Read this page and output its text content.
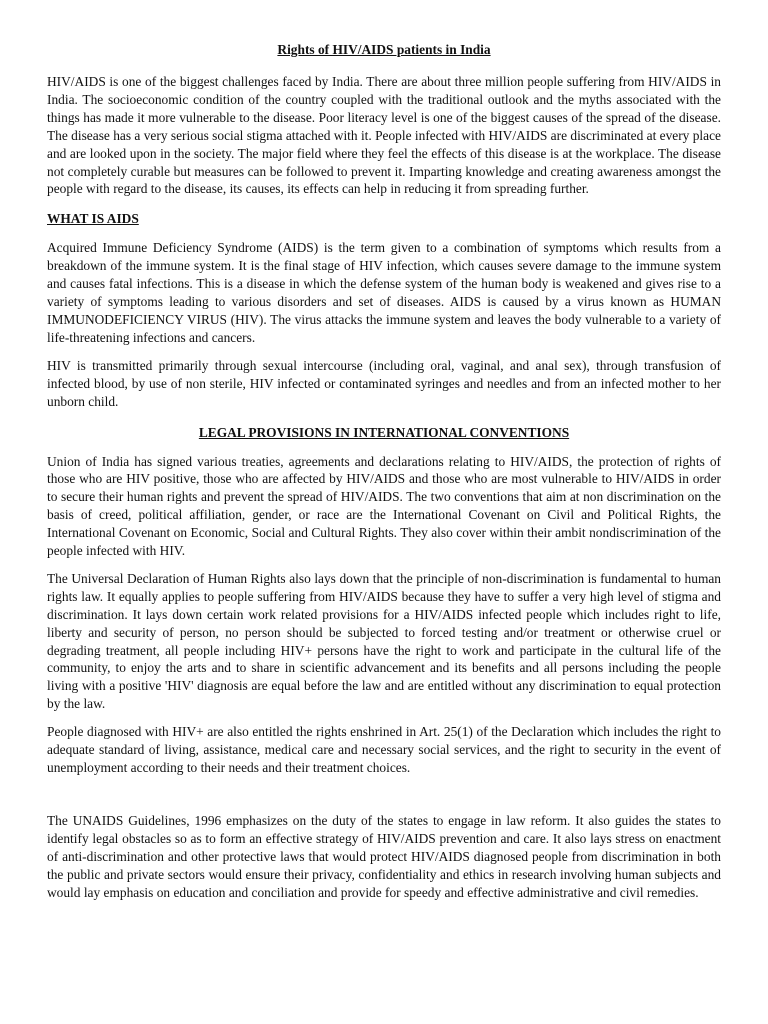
Rights of HIV/AIDS patients in India

HIV/AIDS is one of the biggest challenges faced by India. There are about three million people suffering from HIV/AIDS in India. The socioeconomic condition of the country coupled with the traditional outlook and the myths associated with the things has made it more vulnerable to the disease. Poor literacy level is one of the biggest causes of the spread of the disease. The disease has a very serious social stigma attached with it. People infected with HIV/AIDS are discriminated at every place and are looked upon in the society. The major field where they feel the effects of this disease is at the workplace. The disease not completely curable but measures can be followed to prevent it. Imparting knowledge and creating awareness amongst the people with regard to the disease, its causes, its effects can help in reducing it from spreading further.

WHAT IS AIDS

Acquired Immune Deficiency Syndrome (AIDS) is the term given to a combination of symptoms which results from a breakdown of the immune system. It is the final stage of HIV infection, which causes severe damage to the immune system and causes fatal infections. This is a disease in which the defense system of the human body is weakened and gives rise to a variety of symptoms leading to various disorders and set of diseases. AIDS is caused by a virus known as HUMAN IMMUNODEFICIENCY VIRUS (HIV). The virus attacks the immune system and leaves the body vulnerable to a variety of life-threatening infections and cancers.

HIV is transmitted primarily through sexual intercourse (including oral, vaginal, and anal sex), through transfusion of infected blood, by use of non sterile, HIV infected or contaminated syringes and needles and from an infected mother to her unborn child.

LEGAL PROVISIONS IN INTERNATIONAL CONVENTIONS

Union of India has signed various treaties, agreements and declarations relating to HIV/AIDS, the protection of rights of those who are HIV positive, those who are affected by HIV/AIDS and those who are most vulnerable to HIV/AIDS in order to secure their human rights and prevent the spread of HIV/AIDS. The two conventions that aim at non discrimination on the basis of creed, political affiliation, gender, or race are the International Covenant on Civil and Political Rights, the International Covenant on Economic, Social and Cultural Rights. They also cover within their ambit nondiscrimination of the people infected with HIV.

The Universal Declaration of Human Rights also lays down that the principle of non-discrimination is fundamental to human rights law. It equally applies to people suffering from HIV/AIDS because they have to suffer a very high level of stigma and discrimination. It lays down certain work related provisions for a HIV/AIDS infected people which includes right to life, liberty and security of person, no person should be subjected to forced testing and/or treatment or otherwise cruel or degrading treatment, all people including HIV+ persons have the right to work and participate in the cultural life of the community, to enjoy the arts and to share in scientific advancement and its benefits and all persons including the people living with a positive 'HIV' diagnosis are equal before the law and are entitled without any discrimination to equal protection by the law.

People diagnosed with HIV+ are also entitled the rights enshrined in Art. 25(1) of the Declaration which includes the right to adequate standard of living, assistance, medical care and necessary social services, and the right to security in the event of unemployment according to their needs and their treatment choices.

The UNAIDS Guidelines, 1996 emphasizes on the duty of the states to engage in law reform. It also guides the states to identify legal obstacles so as to form an effective strategy of HIV/AIDS prevention and care. It also lays stress on enactment of anti-discrimination and other protective laws that would protect HIV/AIDS diagnosed people from discrimination in both the public and private sectors would ensure their privacy, confidentiality and ethics in research involving human subjects and would lay emphasis on education and conciliation and provide for speedy and effective administrative and civil remedies.
